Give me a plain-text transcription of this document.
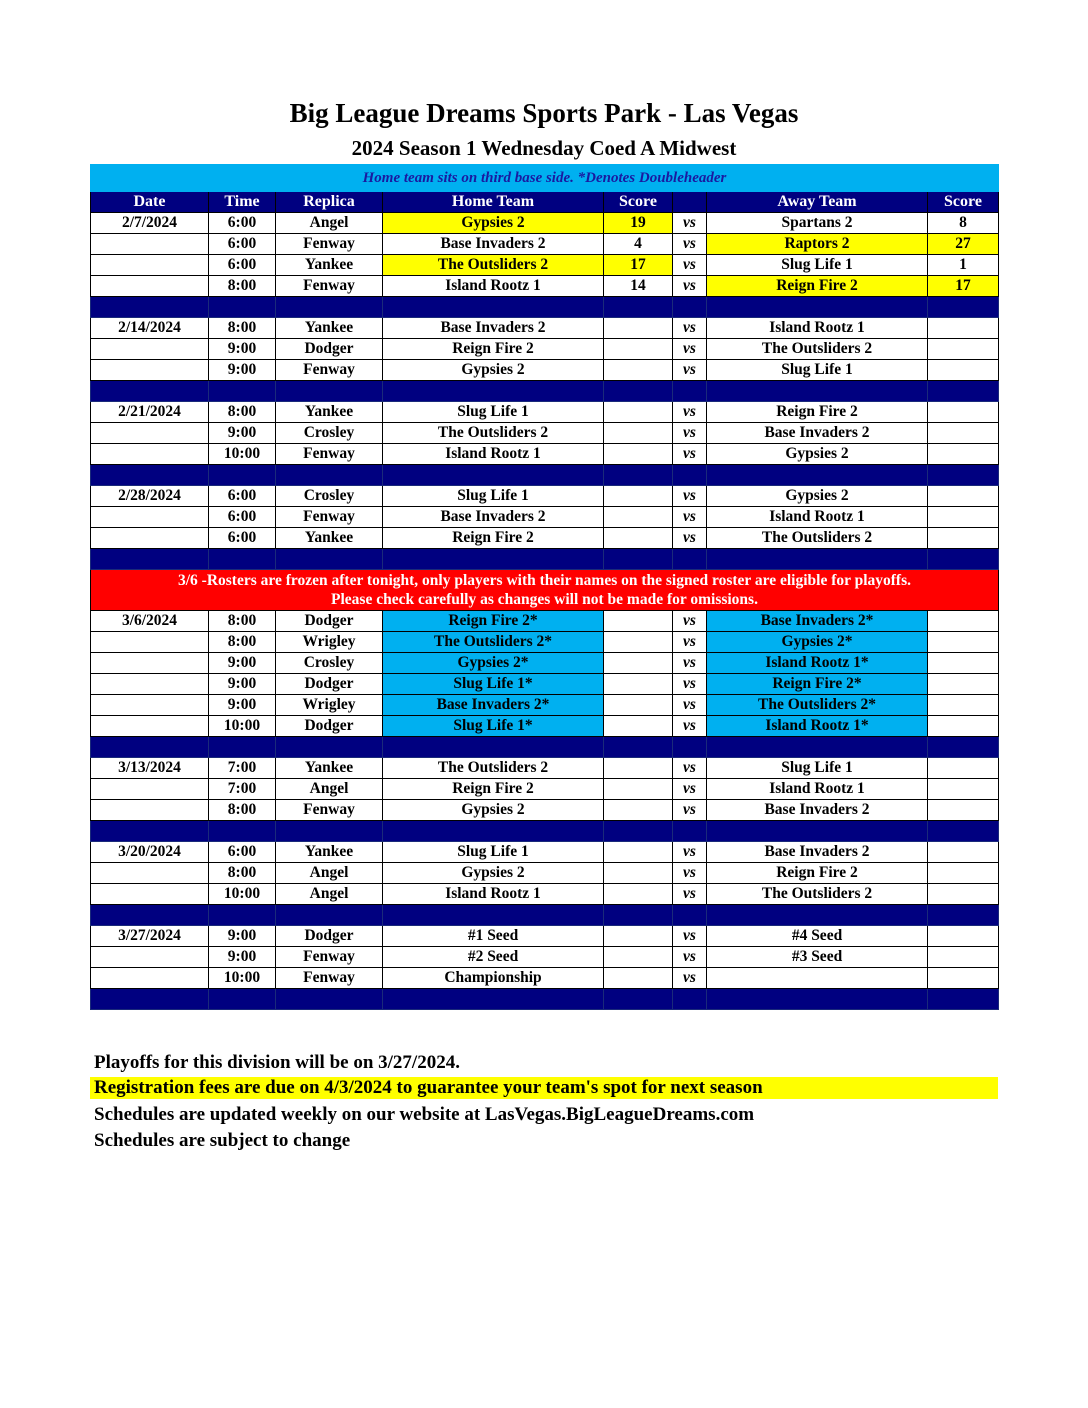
Big League Dreams Sports Park - Las Vegas
2024 Season 1 Wednesday Coed A Midwest
Home team sits on third base side. *Denotes Doubleheader							
Date	Time	Replica	Home Team	Score		Away Team	Score
2/7/2024	6:00	Angel	Gypsies 2	19	vs	Spartans 2	8
	6:00	Fenway	Base Invaders 2	4	vs	Raptors 2	27
	6:00	Yankee	The Outsliders 2	17	vs	Slug Life 1	1
	8:00	Fenway	Island Rootz 1	14	vs	Reign Fire 2	17

2/14/2024	8:00	Yankee	Base Invaders 2		vs	Island Rootz 1	
	9:00	Dodger	Reign Fire 2		vs	The Outsliders 2	
	9:00	Fenway	Gypsies 2		vs	Slug Life 1	

2/21/2024	8:00	Yankee	Slug Life 1		vs	Reign Fire 2	
	9:00	Crosley	The Outsliders 2		vs	Base Invaders 2	
	10:00	Fenway	Island Rootz 1		vs	Gypsies 2	

2/28/2024	6:00	Crosley	Slug Life 1		vs	Gypsies 2	
	6:00	Fenway	Base Invaders 2		vs	Island Rootz 1	
	6:00	Yankee	Reign Fire 2		vs	The Outsliders 2	

3/6 -Rosters are frozen after tonight, only players with their names on the signed roster are eligible for playoffs.
Please check carefully as changes will not be made for omissions.							

3/6/2024	8:00	Dodger	Reign Fire 2*		vs	Base Invaders 2*	
	8:00	Wrigley	The Outsliders 2*		vs	Gypsies 2*	
	9:00	Crosley	Gypsies 2*		vs	Island Rootz 1*	
	9:00	Dodger	Slug Life 1*		vs	Reign Fire 2*	
	9:00	Wrigley	Base Invaders 2*		vs	The Outsliders 2*	
	10:00	Dodger	Slug Life 1*		vs	Island Rootz 1*	

3/13/2024	7:00	Yankee	The Outsliders 2		vs	Slug Life 1	
	7:00	Angel	Reign Fire 2		vs	Island Rootz 1	
	8:00	Fenway	Gypsies 2		vs	Base Invaders 2	

3/20/2024	6:00	Yankee	Slug Life 1		vs	Base Invaders 2	
	8:00	Angel	Gypsies 2		vs	Reign Fire 2	
	10:00	Angel	Island Rootz 1		vs	The Outsliders 2	

3/27/2024	9:00	Dodger	#1 Seed		vs	#4 Seed	
	9:00	Fenway	#2 Seed		vs	#3 Seed	
	10:00	Fenway	Championship		vs		

Playoffs for this division will be on 3/27/2024.
Registration fees are due on 4/3/2024 to guarantee your team's spot for next season
Schedules are updated weekly on our website at LasVegas.BigLeagueDreams.com
Schedules are subject to change
